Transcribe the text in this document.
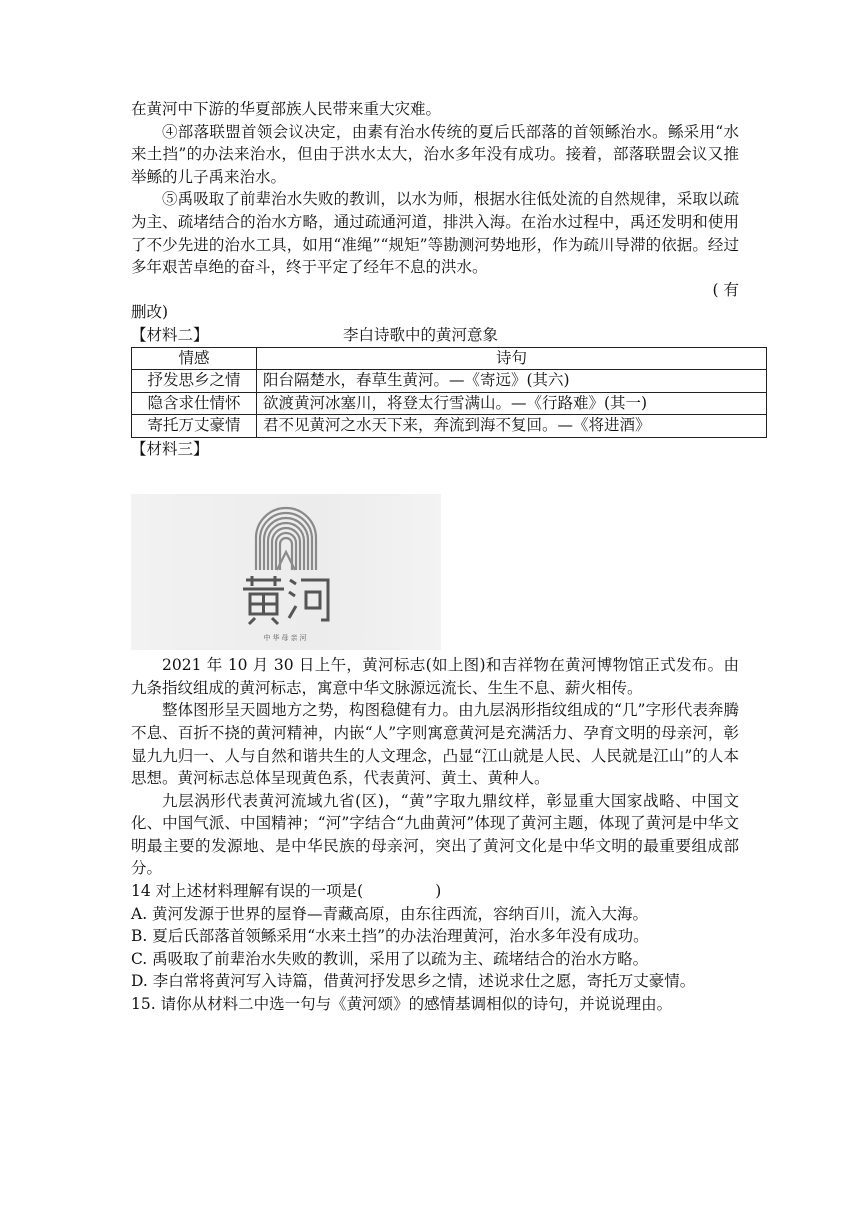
在黄河中下游的华夏部族人民带来重大灾难。

④部落联盟首领会议决定，由素有治水传统的夏后氏部落的首领鲧治水。鲧采用“水来土挡”的办法来治水，但由于洪水太大，治水多年没有成功。接着，部落联盟会议又推举鲧的儿子禹来治水。

⑤禹吸取了前辈治水失败的教训，以水为师，根据水往低处流的自然规律，采取以疏为主、疏堵结合的治水方略，通过疏通河道，排洪入海。在治水过程中，禹还发明和使用了不少先进的治水工具，如用“准绳”“规矩”等勘测河势地形，作为疏川导滞的依据。经过多年艰苦卓绝的奋斗，终于平定了经年不息的洪水。

( 有

删改)

【材料二】	李白诗歌中的黄河意象
情感	诗句
抒发思乡之情	阳台隔楚水，春草生黄河。—《寄远》(其六)
隐含求仕情怀	欲渡黄河冰塞川，将登太行雪满山。—《行路难》(其一)
寄托万丈豪情	君不见黄河之水天下来，奔流到海不复回。—《将进酒》

【材料三】

中华母亲河

2021 年 10 月 30 日上午，黄河标志(如上图)和吉祥物在黄河博物馆正式发布。由九条指纹组成的黄河标志，寓意中华文脉源远流长、生生不息、薪火相传。

整体图形呈天圆地方之势，构图稳健有力。由九层涡形指纹组成的“几”字形代表奔腾不息、百折不挠的黄河精神，内嵌“人”字则寓意黄河是充满活力、孕育文明的母亲河，彰显九九归一、人与自然和谐共生的人文理念，凸显“江山就是人民、人民就是江山”的人本思想。黄河标志总体呈现黄色系，代表黄河、黄土、黄种人。

九层涡形代表黄河流域九省(区)，“黄”字取九鼎纹样，彰显重大国家战略、中国文化、中国气派、中国精神；“河”字结合“九曲黄河”体现了黄河主题，体现了黄河是中华文明最主要的发源地、是中华民族的母亲河，突出了黄河文化是中华文明的最重要组成部分。

14 对上述材料理解有误的一项是(	)

A. 黄河发源于世界的屋脊—青藏高原，由东往西流，容纳百川，流入大海。

B. 夏后氏部落首领鲧采用“水来土挡”的办法治理黄河，治水多年没有成功。

C. 禹吸取了前辈治水失败的教训，采用了以疏为主、疏堵结合的治水方略。

D. 李白常将黄河写入诗篇，借黄河抒发思乡之情，述说求仕之愿，寄托万丈豪情。

15. 请你从材料二中选一句与《黄河颂》的感情基调相似的诗句，并说说理由。
